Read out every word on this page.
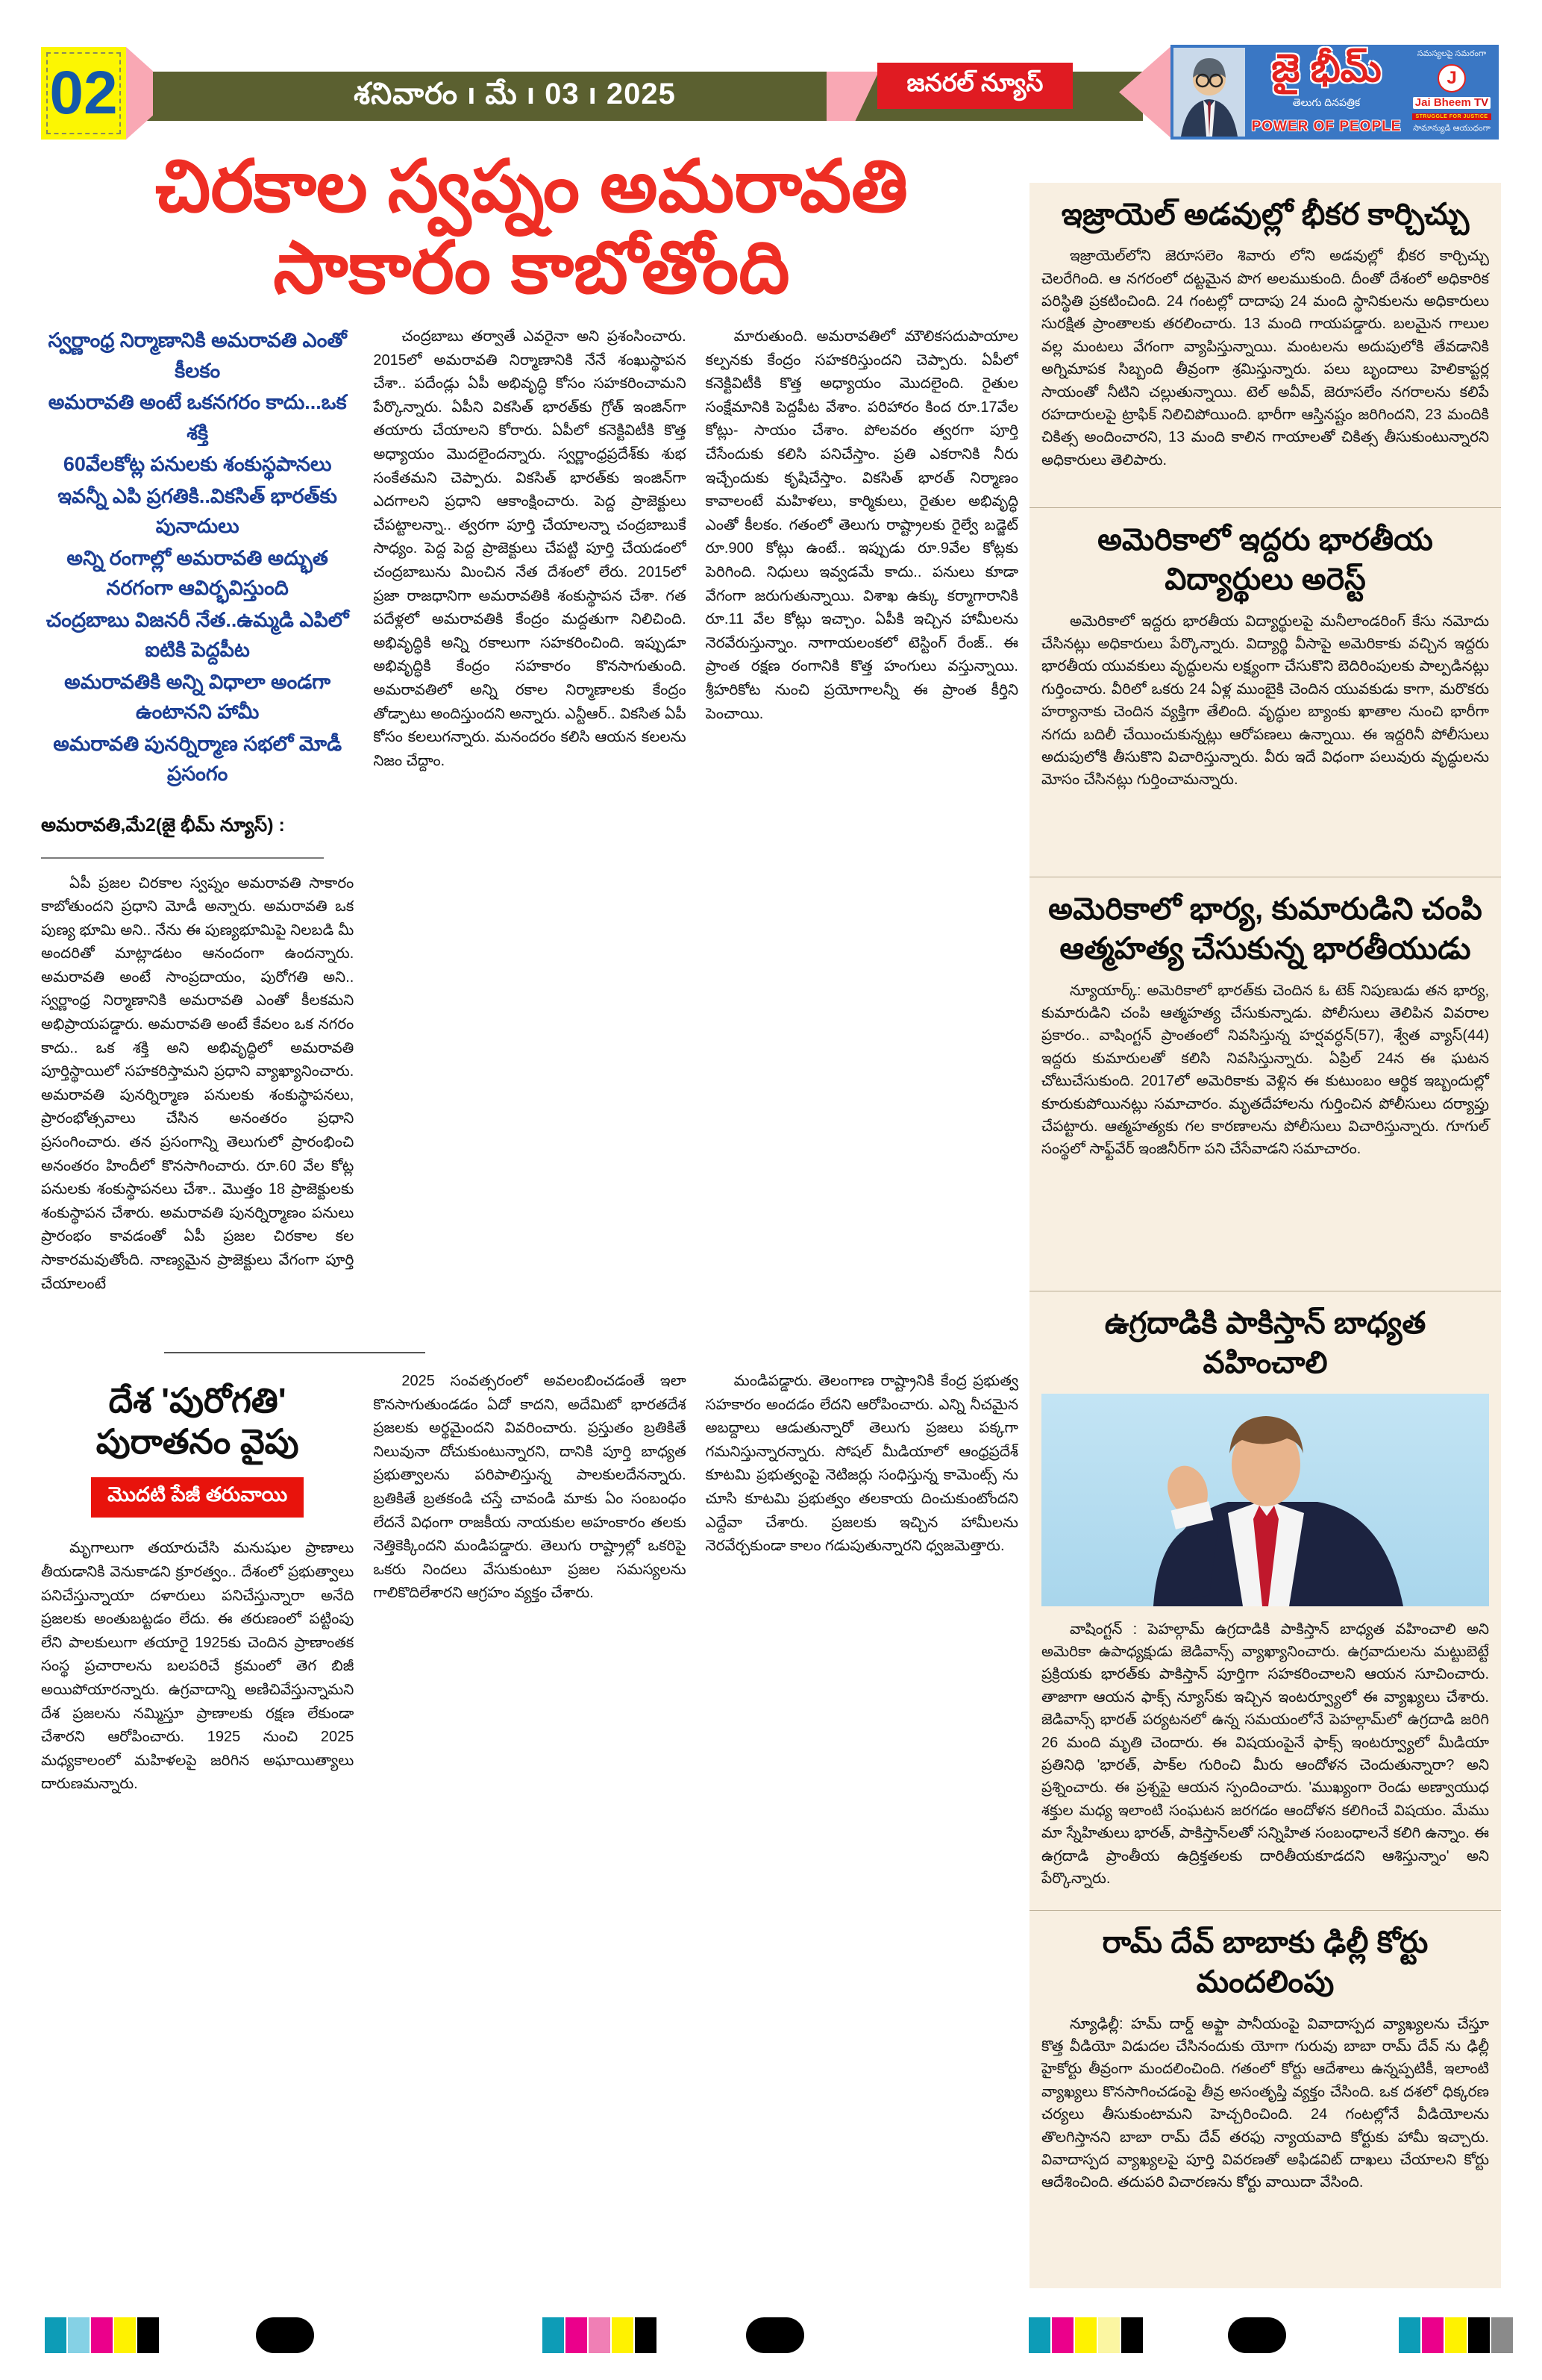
02	శనివారం ı మే ı 03 ı 2025	జనరల్ న్యూస్	జై భీమ్
తెలుగు దినపత్రిక
POWER OF PEOPLE
సమస్యలపై సమరంగా
J
Jai Bheem TV
STRUGGLE FOR JUSTICE
సామాన్యుడి ఆయుధంగా
చిరకాల స్వప్నం అమరావతి
సాకారం కాబోతోంది
స్వర్ణాంధ్ర నిర్మాణానికి అమరావతి ఎంతో కీలకం
అమరావతి అంటే ఒకనగరం కాదు...ఒక శక్తి
60వేలకోట్ల పనులకు శంకుస్థపానలు
ఇవన్నీ ఎపి ప్రగతికి..వికసిత్ భారత్‌కు పునాదులు
అన్ని రంగాల్లో అమరావతి అద్భుత నరగంగా ఆవిర్భవిస్తుంది
చంద్రబాబు విజనరీ నేత..ఉమ్మడి ఎపిలో ఐటికి పెద్దపీట
అమరావతికి అన్ని విధాలా అండగా ఉంటానని హామీ
అమరావతి పునర్నిర్మాణ సభలో మోడీ ప్రసంగం
అమరావతి,మే2(జై భీమ్ న్యూస్) :

ఏపీ ప్రజల చిరకాల స్వప్నం అమరావతి సాకారం కాబోతుందని ప్రధాని మోడీ అన్నారు. అమరావతి ఒక పుణ్య భూమి అని.. నేను ఈ పుణ్యభూమిపై నిలబడి మీ అందరితో మాట్లాడటం ఆనందంగా ఉందన్నారు. అమరావతి అంటే సాంప్రదాయం, పురోగతి అని.. స్వర్ణాంధ్ర నిర్మాణానికి అమరావతి ఎంతో కీలకమని అభిప్రాయపడ్డారు. అమరావతి అంటే కేవలం ఒక నగరం కాదు.. ఒక శక్తి అని అభివృద్ధిలో అమరావతి పూర్తిస్థాయిలో సహకరిస్తామని ప్రధాని వ్యాఖ్యానించారు. అమరావతి పునర్నిర్మాణ పనులకు శంకుస్థాపనలు, ప్రారంభోత్సవాలు చేసిన అనంతరం ప్రధాని ప్రసంగించారు. తన ప్రసంగాన్ని తెలుగులో ప్రారంభించి అనంతరం హిందీలో కొనసాగించారు. రూ.60 వేల కోట్ల పనులకు శంకుస్థాపనలు చేశా.. మొత్తం 18 ప్రాజెక్టులకు శంకుస్థాపన చేశారు. అమరావతి పునర్నిర్మాణం పనులు ప్రారంభం కావడంతో ఏపీ ప్రజల చిరకాల కల సాకారమవుతోంది. నాణ్యమైన ప్రాజెక్టులు వేగంగా పూర్తి చేయాలంటే

చంద్రబాబు తర్వాతే ఎవరైనా అని ప్రశంసించారు. 2015లో అమరావతి నిర్మాణానికి నేనే శంఖుస్థాపన చేశా.. పదేండ్లు ఏపీ అభివృద్ధి కోసం సహకరించామని పేర్కొన్నారు. ఏపీని వికసిత్ భారత్‌కు గ్రోత్ ఇంజిన్‌గా తయారు చేయాలని కోరారు. ఏపీలో కనెక్టివిటీకి కొత్త అధ్యాయం మొదలైందన్నారు. స్వర్ణాంధ్రప్రదేశ్‌కు శుభ సంకేతమని చెప్పారు. వికసిత్ భారత్‌కు ఇంజిన్‌గా ఎదగాలని ప్రధాని ఆకాంక్షించారు. పెద్ద ప్రాజెక్టులు చేపట్టాలన్నా.. త్వరగా పూర్తి చేయాలన్నా చంద్రబాబుకే సాధ్యం. పెద్ద పెద్ద ప్రాజెక్టులు చేపట్టి పూర్తి చేయడంలో చంద్రబాబును మించిన నేత దేశంలో లేరు. 2015లో ప్రజా రాజధానిగా అమరావతికి శంకుస్థాపన చేశా. గత పదేళ్లలో అమరావతికి కేంద్రం మద్దతుగా నిలిచింది. అభివృద్ధికి అన్ని రకాలుగా సహకరించింది. ఇప్పుడూ అభివృద్ధికి కేంద్రం సహకారం కొనసాగుతుంది. అమరావతిలో అన్ని రకాల నిర్మాణాలకు కేంద్రం తోడ్పాటు అందిస్తుందని అన్నారు. ఎన్టీఆర్.. వికసిత ఏపీ కోసం కలలుగన్నారు. మనందరం కలిసి ఆయన కలలను నిజం చేద్దాం.

మారుతుంది. అమరావతిలో మౌలికసదుపాయాల కల్పనకు కేంద్రం సహకరిస్తుందని చెప్పారు. ఏపీలో కనెక్టివిటీకి కొత్త అధ్యాయం మొదలైంది. రైతుల సంక్షేమానికి పెద్దపీట వేశాం. పరిహారం కింద రూ.17వేల కోట్లు- సాయం చేశాం. పోలవరం త్వరగా పూర్తి చేసేందుకు కలిసి పనిచేస్తాం. ప్రతి ఎకరానికి నీరు ఇచ్చేందుకు కృషిచేస్తాం. వికసిత్ భారత్ నిర్మాణం కావాలంటే మహిళలు, కార్మికులు, రైతుల అభివృద్ధి ఎంతో కీలకం. గతంలో తెలుగు రాష్ట్రాలకు రైల్వే బడ్జెట్ రూ.900 కోట్లు ఉంటే.. ఇప్పుడు రూ.9వేల కోట్లకు పెరిగింది. నిధులు ఇవ్వడమే కాదు.. పనులు కూడా వేగంగా జరుగుతున్నాయి. విశాఖ ఉక్కు కర్మాగారానికి రూ.11 వేల కోట్లు ఇచ్చాం. ఏపీకి ఇచ్చిన హామీలను నెరవేరుస్తున్నాం. నాగాయలంకలో టెస్టింగ్ రేంజ్.. ఈ ప్రాంత రక్షణ రంగానికి కొత్త హంగులు వస్తున్నాయి. శ్రీహరికోట నుంచి ప్రయోగాలన్నీ ఈ ప్రాంత కీర్తిని పెంచాయి.

దేశ 'పురోగతి' పురాతనం వైపు
మొదటి పేజీ తరువాయి

మృగాలుగా తయారుచేసి మనుషుల ప్రాణాలు తీయడానికి వెనుకాడని క్రూరత్వం.. దేశంలో ప్రభుత్వాలు పనిచేస్తున్నాయా దళారులు పనిచేస్తున్నారా అనేది ప్రజలకు అంతుబట్టడం లేదు. ఈ తరుణంలో పట్టింపు లేని పాలకులుగా తయారై 1925కు చెందిన ప్రాణాంతక సంస్థ ప్రచారాలను బలపరిచే క్రమంలో తెగ బిజీ అయిపోయారన్నారు. ఉగ్రవాదాన్ని అణిచివేస్తున్నామని దేశ ప్రజలను నమ్మిస్తూ ప్రాణాలకు రక్షణ లేకుండా చేశారని ఆరోపించారు. 1925 నుంచి 2025 మధ్యకాలంలో మహిళలపై జరిగిన అఘాయిత్యాలు దారుణమన్నారు.

2025 సంవత్సరంలో అవలంబించడంతే ఇలా కొనసాగుతుండడం ఏదో కాదని, అదేమిటో భారతదేశ ప్రజలకు అర్థమైందని వివరించారు. ప్రస్తుతం బ్రతికితే నిలువునా దోచుకుంటున్నారని, దానికి పూర్తి బాధ్యత ప్రభుత్వాలను పరిపాలిస్తున్న పాలకులదేనన్నారు. బ్రతికితే బ్రతకండి చస్తే చావండి మాకు ఏం సంబంధం లేదనే విధంగా రాజకీయ నాయకుల అహంకారం తలకు నెత్తికెక్కిందని మండిపడ్డారు. తెలుగు రాష్ట్రాల్లో ఒకరిపై ఒకరు నిందలు వేసుకుంటూ ప్రజల సమస్యలను గాలికొదిలేశారని ఆగ్రహం వ్యక్తం చేశారు.

మండిపడ్డారు. తెలంగాణ రాష్ట్రానికి కేంద్ర ప్రభుత్వ సహకారం అందడం లేదని ఆరోపించారు. ఎన్ని నీచమైన అబద్దాలు ఆడుతున్నారో తెలుగు ప్రజలు పక్కగా గమనిస్తున్నారన్నారు. సోషల్ మీడియాలో ఆంధ్రప్రదేశ్ కూటమి ప్రభుత్వంపై నెటిజర్లు సంధిస్తున్న కామెంట్స్ ను చూసి కూటమి ప్రభుత్వం తలకాయ దించుకుంటోందని ఎద్దేవా చేశారు. ప్రజలకు ఇచ్చిన హామీలను నెరవేర్చకుండా కాలం గడుపుతున్నారని ధ్వజమెత్తారు.

ఇజ్రాయెల్ అడవుల్లో భీకర కార్చిచ్చు

ఇజ్రాయెల్‌లోని జెరూసలెం శివారు లోని అడవుల్లో భీకర కార్చిచ్చు చెలరేగింది. ఆ నగరంలో దట్టమైన పొగ అలముకుంది. దీంతో దేశంలో అధికారిక పరిస్థితి ప్రకటించింది. 24 గంటల్లో దాదాపు 24 మంది స్థానికులను అధికారులు సురక్షిత ప్రాంతాలకు తరలించారు. 13 మంది గాయపడ్డారు. బలమైన గాలుల వల్ల మంటలు వేగంగా వ్యాపిస్తున్నాయి. మంటలను అదుపులోకి తేవడానికి అగ్నిమాపక సిబ్బంది తీవ్రంగా శ్రమిస్తున్నారు. పలు బృందాలు హెలికాప్టర్ల సాయంతో నీటిని చల్లుతున్నాయి. టెల్ అవీవ్, జెరూసలేం నగరాలను కలిపే రహదారులపై ట్రాఫిక్ నిలిచిపోయింది. భారీగా ఆస్తినష్టం జరిగిందని, 23 మందికి చికిత్స అందించారని, 13 మంది కాలిన గాయాలతో చికిత్స తీసుకుంటున్నారని అధికారులు తెలిపారు.

అమెరికాలో ఇద్దరు భారతీయ విద్యార్థులు అరెస్ట్

అమెరికాలో ఇద్దరు భారతీయ విద్యార్థులపై మనీలాండరింగ్ కేసు నమోదు చేసినట్లు అధికారులు పేర్కొన్నారు. విద్యార్థి వీసాపై అమెరికాకు వచ్చిన ఇద్దరు భారతీయ యువకులు వృద్ధులను లక్ష్యంగా చేసుకొని బెదిరింపులకు పాల్పడినట్లు గుర్తించారు. వీరిలో ఒకరు 24 ఏళ్ల ముంబైకి చెందిన యువకుడు కాగా, మరొకరు హర్యానాకు చెందిన వ్యక్తిగా తేలింది. వృద్ధుల బ్యాంకు ఖాతాల నుంచి భారీగా నగదు బదిలీ చేయించుకున్నట్లు ఆరోపణలు ఉన్నాయి. ఈ ఇద్దరినీ పోలీసులు అదుపులోకి తీసుకొని విచారిస్తున్నారు. వీరు ఇదే విధంగా పలువురు వృద్ధులను మోసం చేసినట్లు గుర్తించామన్నారు.

అమెరికాలో భార్య, కుమారుడిని చంపి ఆత్మహత్య చేసుకున్న భారతీయుడు

న్యూయార్క్: అమెరికాలో భారత్‌కు చెందిన ఓ టెక్ నిపుణుడు తన భార్య, కుమారుడిని చంపి ఆత్మహత్య చేసుకున్నాడు. పోలీసులు తెలిపిన వివరాల ప్రకారం.. వాషింగ్టన్ ప్రాంతంలో నివసిస్తున్న హర్షవర్ధన్(57), శ్వేత వ్యాస్(44) ఇద్దరు కుమారులతో కలిసి నివసిస్తున్నారు. ఏప్రిల్ 24న ఈ ఘటన చోటుచేసుకుంది. 2017లో అమెరికాకు వెళ్లిన ఈ కుటుంబం ఆర్థిక ఇబ్బందుల్లో కూరుకుపోయినట్లు సమాచారం. మృతదేహాలను గుర్తించిన పోలీసులు దర్యాప్తు చేపట్టారు. ఆత్మహత్యకు గల కారణాలను పోలీసులు విచారిస్తున్నారు. గూగుల్ సంస్థలో సాఫ్ట్‌వేర్ ఇంజినీర్‌గా పని చేసేవాడని సమాచారం.

ఉగ్రదాడికి పాకిస్తాన్ బాధ్యత వహించాలి

వాషింగ్టన్ : పెహల్గామ్ ఉగ్రదాడికి పాకిస్తాన్ బాధ్యత వహించాలి అని అమెరికా ఉపాధ్యక్షుడు జెడివాన్స్ వ్యాఖ్యానించారు. ఉగ్రవాదులను మట్టుబెట్టే ప్రక్రియకు భారత్‌కు పాకిస్తాన్ పూర్తిగా సహకరించాలని ఆయన సూచించారు. తాజాగా ఆయన ఫాక్స్ న్యూస్‌కు ఇచ్చిన ఇంటర్వ్యూలో ఈ వ్యాఖ్యలు చేశారు. జెడివాన్స్ భారత్ పర్యటనలో ఉన్న సమయంలోనే పెహల్గామ్‌లో ఉగ్రదాడి జరిగి 26 మంది మృతి చెందారు. ఈ విషయంపైనే ఫాక్స్ ఇంటర్వ్యూలో మీడియా ప్రతినిధి 'భారత్, పాక్‌ల గురించి మీరు ఆందోళన చెందుతున్నారా? అని ప్రశ్నించారు. ఈ ప్రశ్నపై ఆయన స్పందించారు. 'ముఖ్యంగా రెండు అణ్వాయుధ శక్తుల మధ్య ఇలాంటి సంఘటన జరగడం ఆందోళన కలిగించే విషయం. మేము మా స్నేహితులు భారత్, పాకిస్తాన్‌లతో సన్నిహిత సంబంధాలనే కలిగి ఉన్నాం. ఈ ఉగ్రదాడి ప్రాంతీయ ఉద్రిక్తతలకు దారితీయకూడదని ఆశిస్తున్నాం' అని పేర్కొన్నారు.

రామ్ దేవ్ బాబాకు ఢిల్లీ కోర్టు మందలింపు

న్యూఢిల్లీ: హమ్ దార్డ్ అఫ్జా పానీయంపై వివాదాస్పద వ్యాఖ్యలను చేస్తూ కొత్త వీడియో విడుదల చేసినందుకు యోగా గురువు బాబా రామ్ దేవ్ ను ఢిల్లీ హైకోర్టు తీవ్రంగా మందలించింది. గతంలో కోర్టు ఆదేశాలు ఉన్నప్పటికీ, ఇలాంటి వ్యాఖ్యలు కొనసాగించడంపై తీవ్ర అసంతృప్తి వ్యక్తం చేసింది. ఒక దశలో ధిక్కరణ చర్యలు తీసుకుంటామని హెచ్చరించింది. 24 గంటల్లోనే వీడియోలను తొలగిస్తానని బాబా రామ్ దేవ్ తరఫు న్యాయవాది కోర్టుకు హామీ ఇచ్చారు. వివాదాస్పద వ్యాఖ్యలపై పూర్తి వివరణతో అఫిడవిట్ దాఖలు చేయాలని కోర్టు ఆదేశించింది. తదుపరి విచారణను కోర్టు వాయిదా వేసింది.
